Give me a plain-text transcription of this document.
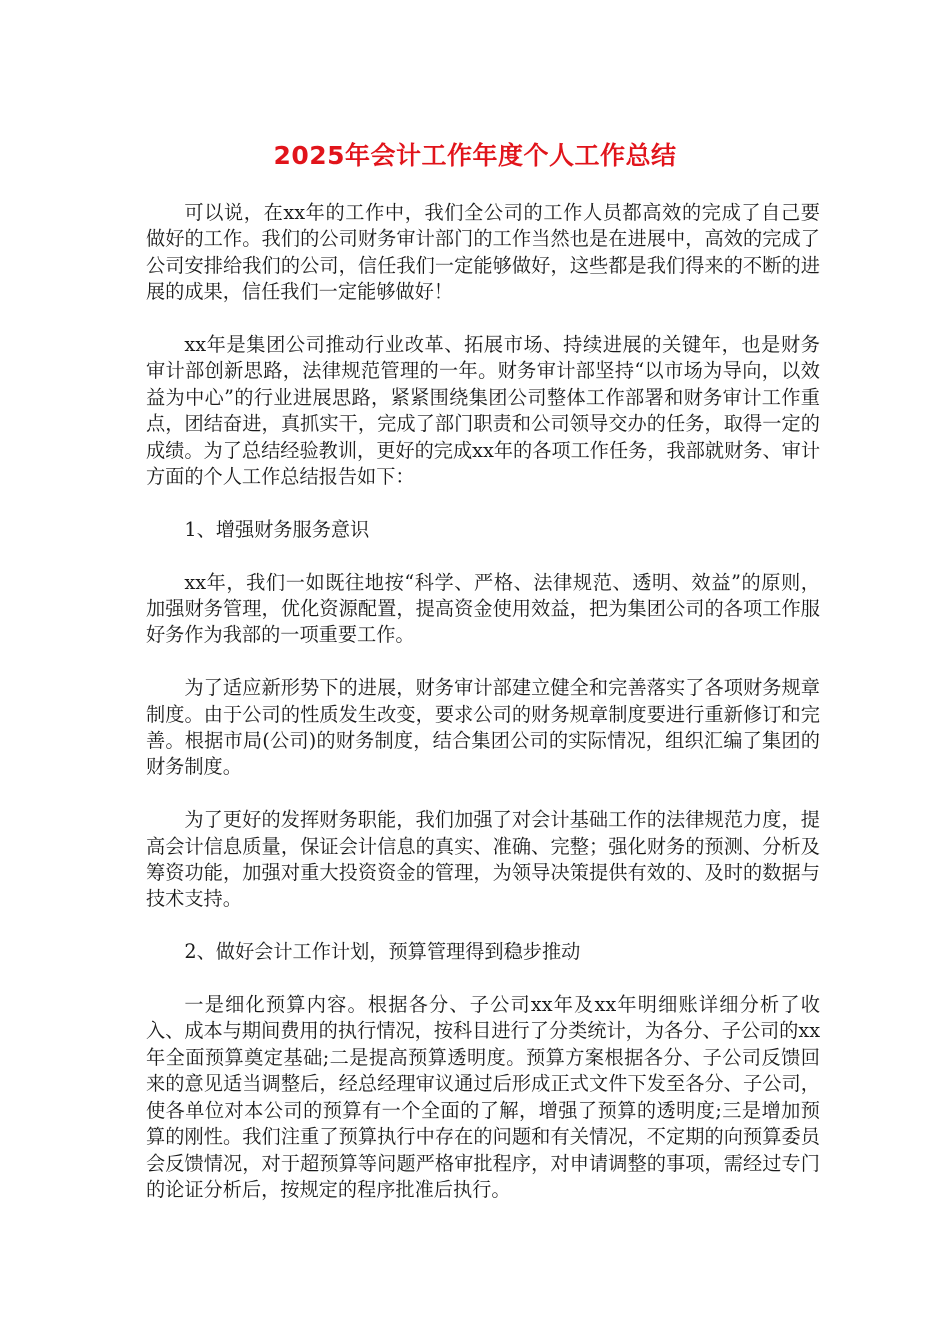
2025年会计工作年度个人工作总结

可以说，在xx年的工作中，我们全公司的工作人员都高效的完成了自己要做好的工作。我们的公司财务审计部门的工作当然也是在进展中，高效的完成了公司安排给我们的公司，信任我们一定能够做好，这些都是我们得来的不断的进展的成果，信任我们一定能够做好！

xx年是集团公司推动行业改革、拓展市场、持续进展的关键年，也是财务审计部创新思路，法律规范管理的一年。财务审计部坚持“以市场为导向，以效益为中心”的行业进展思路，紧紧围绕集团公司整体工作部署和财务审计工作重点，团结奋进，真抓实干，完成了部门职责和公司领导交办的任务，取得一定的成绩。为了总结经验教训，更好的完成xx年的各项工作任务，我部就财务、审计方面的个人工作总结报告如下：

1、增强财务服务意识

xx年，我们一如既往地按“科学、严格、法律规范、透明、效益”的原则，加强财务管理，优化资源配置，提高资金使用效益，把为集团公司的各项工作服好务作为我部的一项重要工作。

为了适应新形势下的进展，财务审计部建立健全和完善落实了各项财务规章制度。由于公司的性质发生改变，要求公司的财务规章制度要进行重新修订和完善。根据市局(公司)的财务制度，结合集团公司的实际情况，组织汇编了集团的财务制度。

为了更好的发挥财务职能，我们加强了对会计基础工作的法律规范力度，提高会计信息质量，保证会计信息的真实、准确、完整；强化财务的预测、分析及筹资功能，加强对重大投资资金的管理，为领导决策提供有效的、及时的数据与技术支持。

2、做好会计工作计划，预算管理得到稳步推动

一是细化预算内容。根据各分、子公司xx年及xx年明细账详细分析了收入、成本与期间费用的执行情况，按科目进行了分类统计，为各分、子公司的xx年全面预算奠定基础;二是提高预算透明度。预算方案根据各分、子公司反馈回来的意见适当调整后，经总经理审议通过后形成正式文件下发至各分、子公司，使各单位对本公司的预算有一个全面的了解，增强了预算的透明度;三是增加预算的刚性。我们注重了预算执行中存在的问题和有关情况，不定期的向预算委员会反馈情况，对于超预算等问题严格审批程序，对申请调整的事项，需经过专门的论证分析后，按规定的程序批准后执行。
